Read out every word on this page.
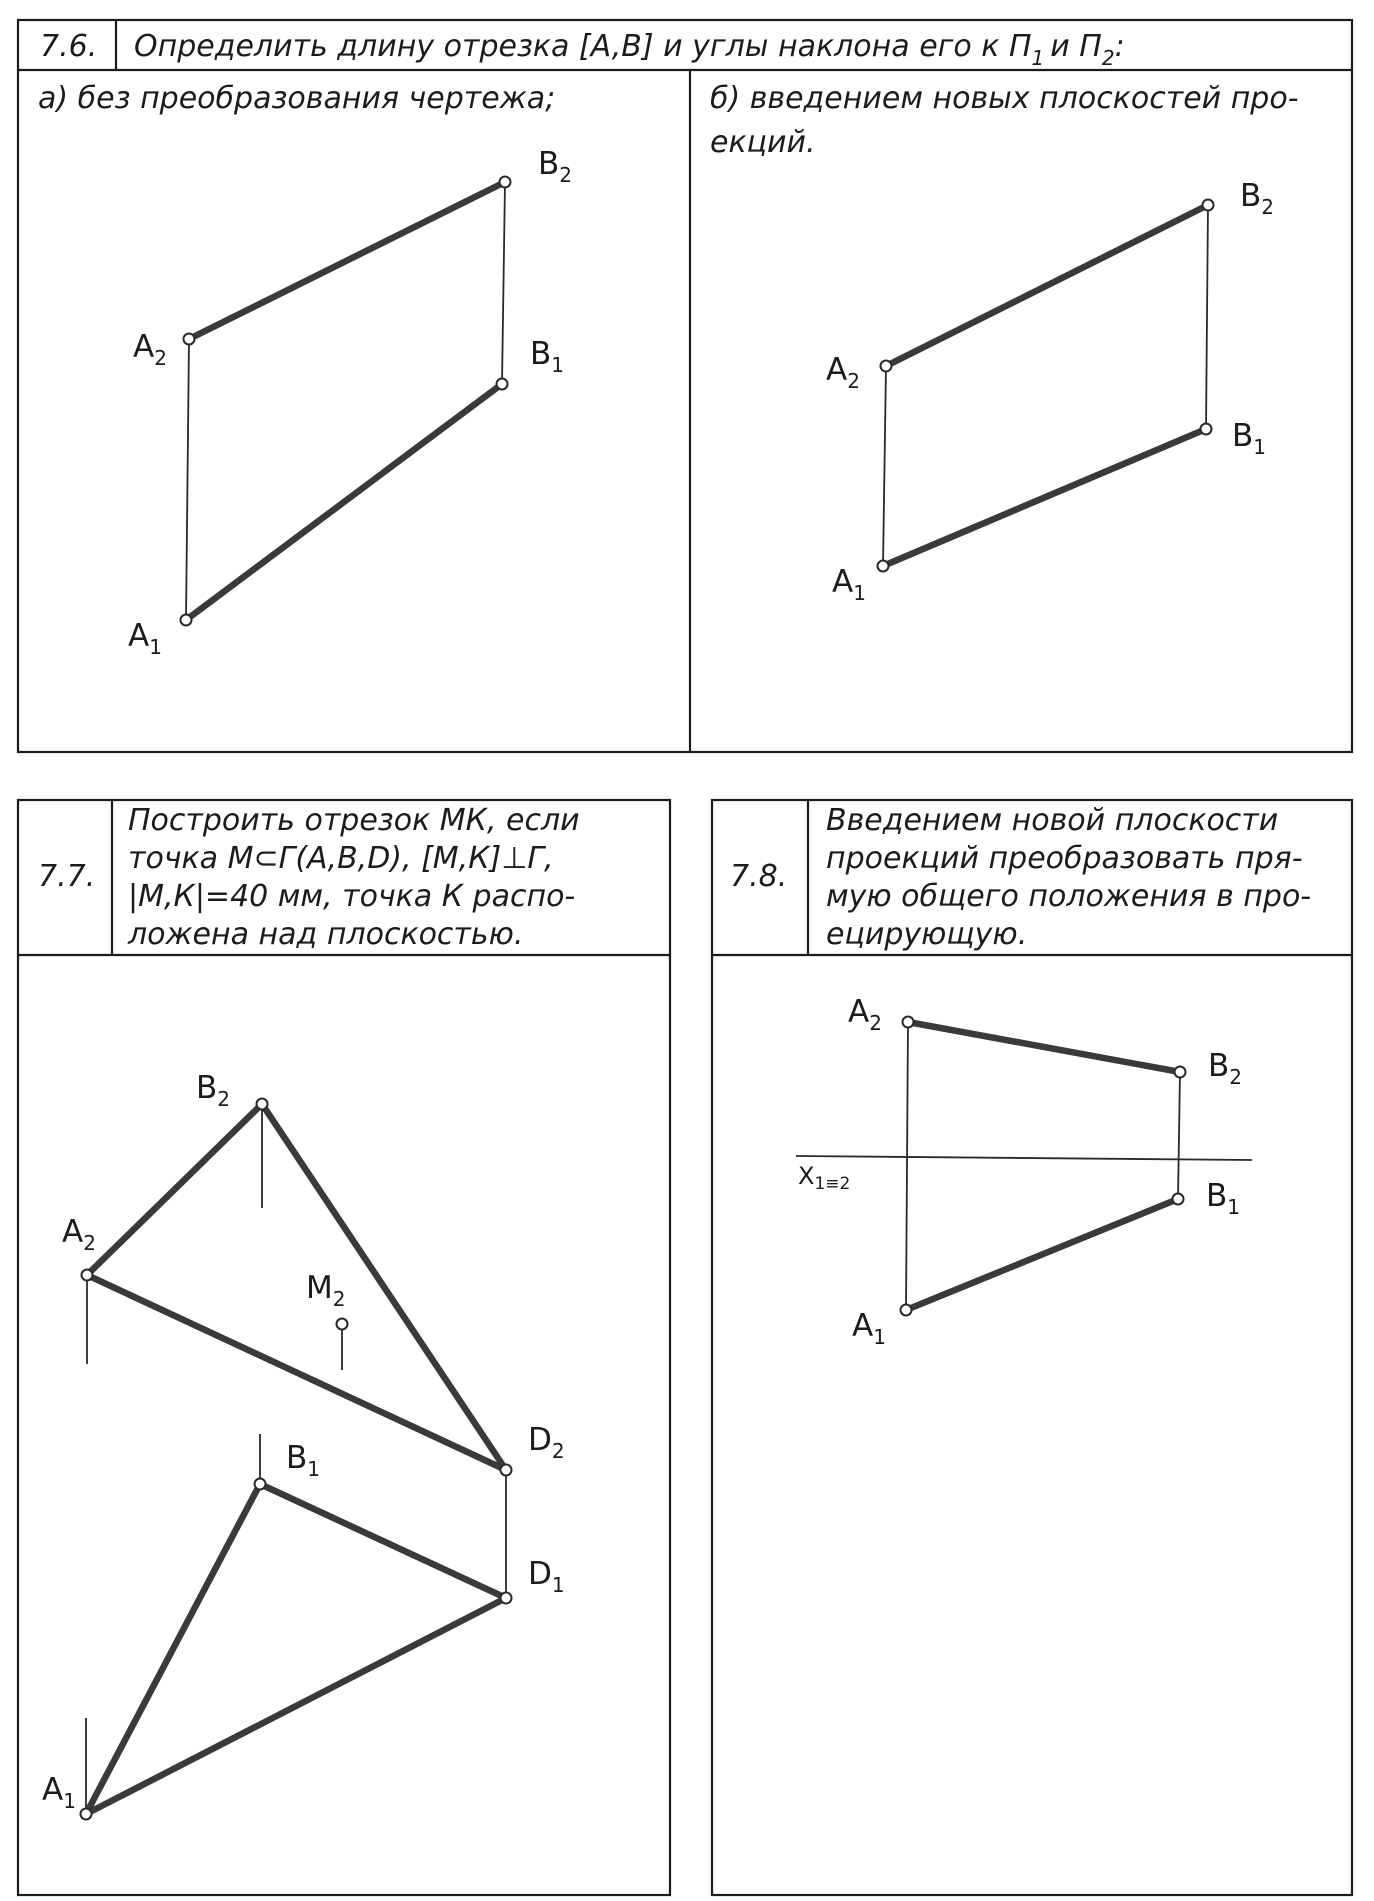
7.6. Определить длину отрезка [A,B] и углы наклона его к $П_1$ и $П_2$:
а) без преобразования чертежа;	б) введением новых плоскостей про-
екций.
$A_2$
$B_2$
$B_1$
$A_1$
$A_2$
$B_2$
$B_1$
$A_1$
7.7.
Построить отрезок МК, если
точка М⊂Г(А,В,D), [М,К]⊥Г,
|М,К|=40 мм, точка К распо-
ложена над плоскостью.
$B_2$
$A_2$
$M_2$
$D_2$
$B_1$
$D_1$
$A_1$
7.8.
Введением новой плоскости
проекций преобразовать пря-
мую общего положения в про-
ецирующую.
$X_{1\equiv 2}$
$A_2$
$B_2$
$B_1$
$A_1$
